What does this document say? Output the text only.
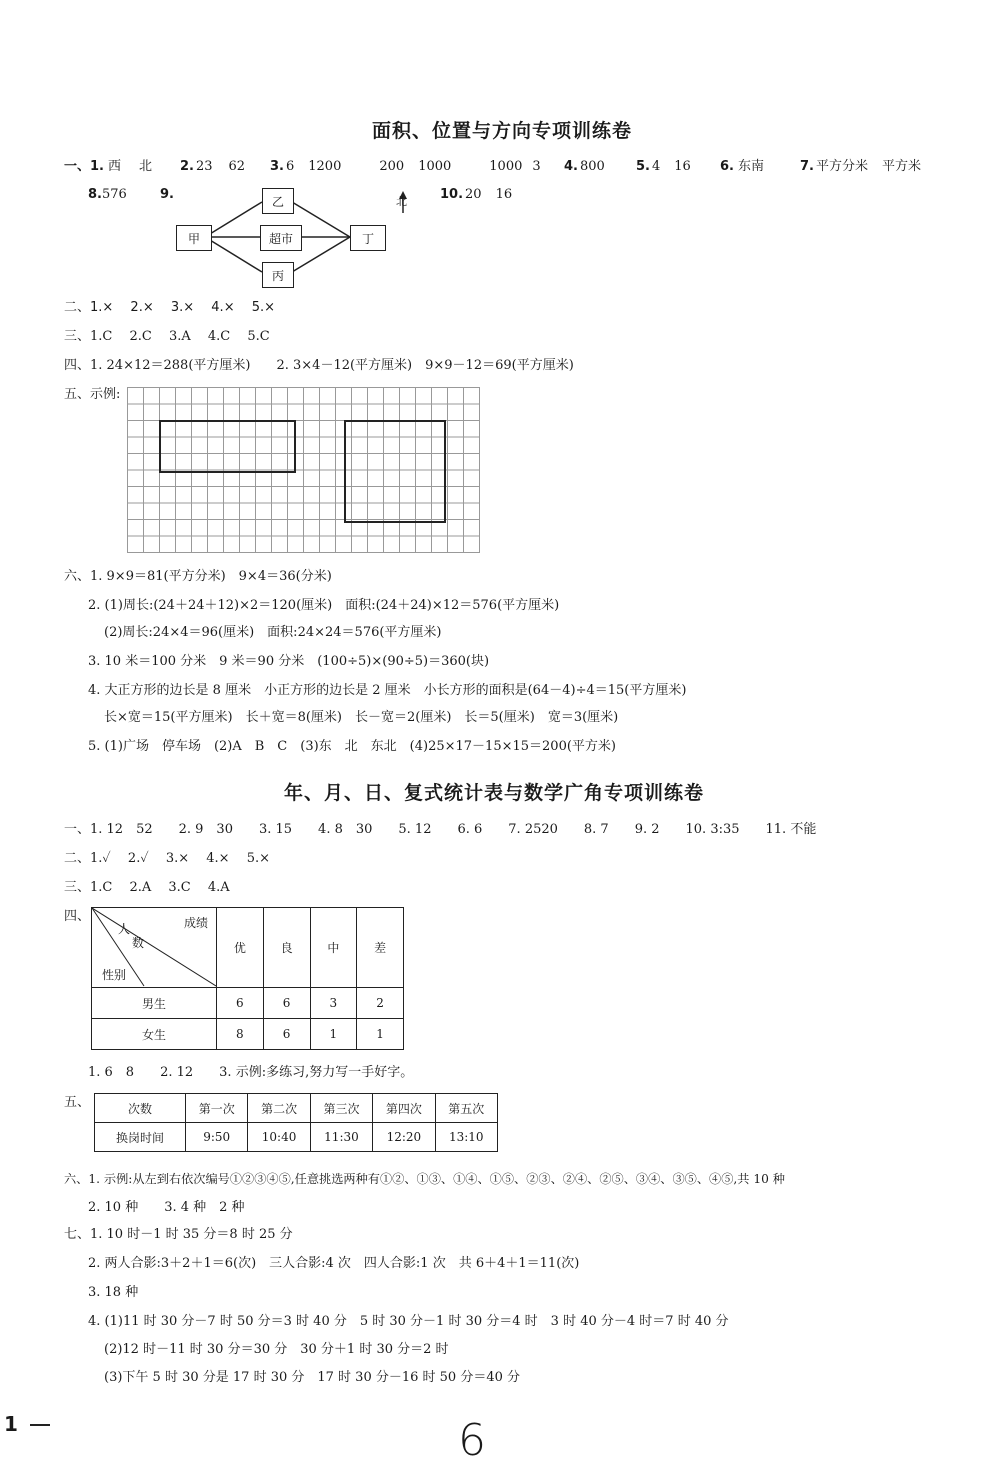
面积、位置与方向专项训练卷
一、1. 西 北 2. 23 62 3. 6 1200	200 1000	1000 3 4. 800 5. 4 16 6. 东南	7. 平方分米 平方米
8.576	9.	10. 20 16
北
乙
甲	超市	丁
丙
二、1.×　 2.×　 3.×　 4.×　 5.×
三、1.C　 2.C　 3.A　 4.C　 5.C
四、1. 24×12＝288(平方厘米)　　2. 3×4－12(平方厘米)　9×9－12＝69(平方厘米)
五、示例:
六、1. 9×9＝81(平方分米)　9×4＝36(分米)
2. (1)周长:(24＋24＋12)×2＝120(厘米)　面积:(24＋24)×12＝576(平方厘米)
(2)周长:24×4＝96(厘米)　面积:24×24＝576(平方厘米)
3. 10 米＝100 分米　9 米＝90 分米　(100÷5)×(90÷5)＝360(块)
4. 大正方形的边长是 8 厘米　小正方形的边长是 2 厘米　小长方形的面积是(64－4)÷4＝15(平方厘米)
长×宽＝15(平方厘米)　长＋宽＝8(厘米)　长－宽＝2(厘米)　长＝5(厘米)　宽＝3(厘米)
5. (1)广场　停车场　(2)A　B　C　(3)东　北　东北　(4)25×17－15×15＝200(平方米)
年、月、日、复式统计表与数学广角专项训练卷
一、1. 12　52　　2. 9　30　　3. 15　　4. 8　30　　5. 12　　6. 6　　7. 2520　　8. 7　　9. 2　　10. 3:35　　11. 不能
二、1.✓　 2.✓　 3.×　 4.×　 5.×
三、1.C　 2.A　 3.C　 4.A
四、	成绩
人
数
性别	优	良	中	差
男生	6	6	3	2
女生	8	6	1	1
1. 6　8　　2. 12　　3. 示例:多练习,努力写一手好字。
五、	次数	第一次	第二次	第三次	第四次	第五次
换岗时间	9:50	10:40	11:30	12:20	13:10
六、1. 示例:从左到右依次编号①②③④⑤,任意挑选两种有①②、①③、①④、①⑤、②③、②④、②⑤、③④、③⑤、④⑤,共 10 种
2. 10 种　　3. 4 种　2 种
七、1. 10 时－1 时 35 分＝8 时 25 分
2. 两人合影:3＋2＋1＝6(次)　三人合影:4 次　四人合影:1 次　共 6＋4＋1＝11(次)
3. 18 种
4. (1)11 时 30 分－7 时 50 分＝3 时 40 分　5 时 30 分－1 时 30 分＝4 时　3 时 40 分－4 时＝7 时 40 分
(2)12 时－11 时 30 分＝30 分　30 分＋1 时 30 分＝2 时
(3)下午 5 时 30 分是 17 时 30 分　17 时 30 分－16 时 50 分＝40 分
1	6
